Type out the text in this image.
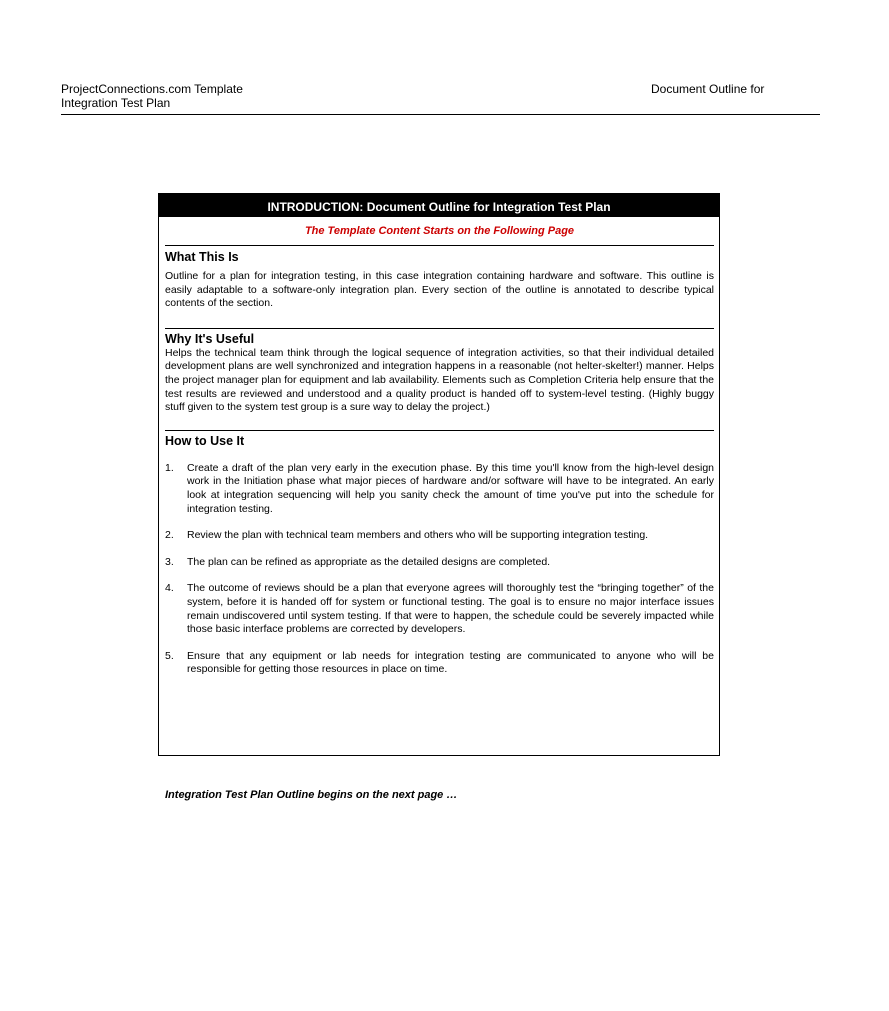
ProjectConnections.com Template
Integration Test Plan
Document Outline for
INTRODUCTION: Document Outline for Integration Test Plan
The Template Content Starts on the Following Page
What This Is
Outline for a plan for integration testing, in this case integration containing hardware and software. This outline is easily adaptable to a software-only integration plan. Every section of the outline is annotated to describe typical contents of the section.
Why It's Useful
Helps the technical team think through the logical sequence of integration activities, so that their individual detailed development plans are well synchronized and integration happens in a reasonable (not helter-skelter!) manner. Helps the project manager plan for equipment and lab availability. Elements such as Completion Criteria help ensure that the test results are reviewed and understood and a quality product is handed off to system-level testing. (Highly buggy stuff given to the system test group is a sure way to delay the project.)
How to Use It
1. Create a draft of the plan very early in the execution phase. By this time you'll know from the high-level design work in the Initiation phase what major pieces of hardware and/or software will have to be integrated. An early look at integration sequencing will help you sanity check the amount of time you've put into the schedule for integration testing.
2. Review the plan with technical team members and others who will be supporting integration testing.
3. The plan can be refined as appropriate as the detailed designs are completed.
4. The outcome of reviews should be a plan that everyone agrees will thoroughly test the “bringing together” of the system, before it is handed off for system or functional testing. The goal is to ensure no major interface issues remain undiscovered until system testing. If that were to happen, the schedule could be severely impacted while those basic interface problems are corrected by developers.
5. Ensure that any equipment or lab needs for integration testing are communicated to anyone who will be responsible for getting those resources in place on time.
Integration Test Plan Outline begins on the next page …
